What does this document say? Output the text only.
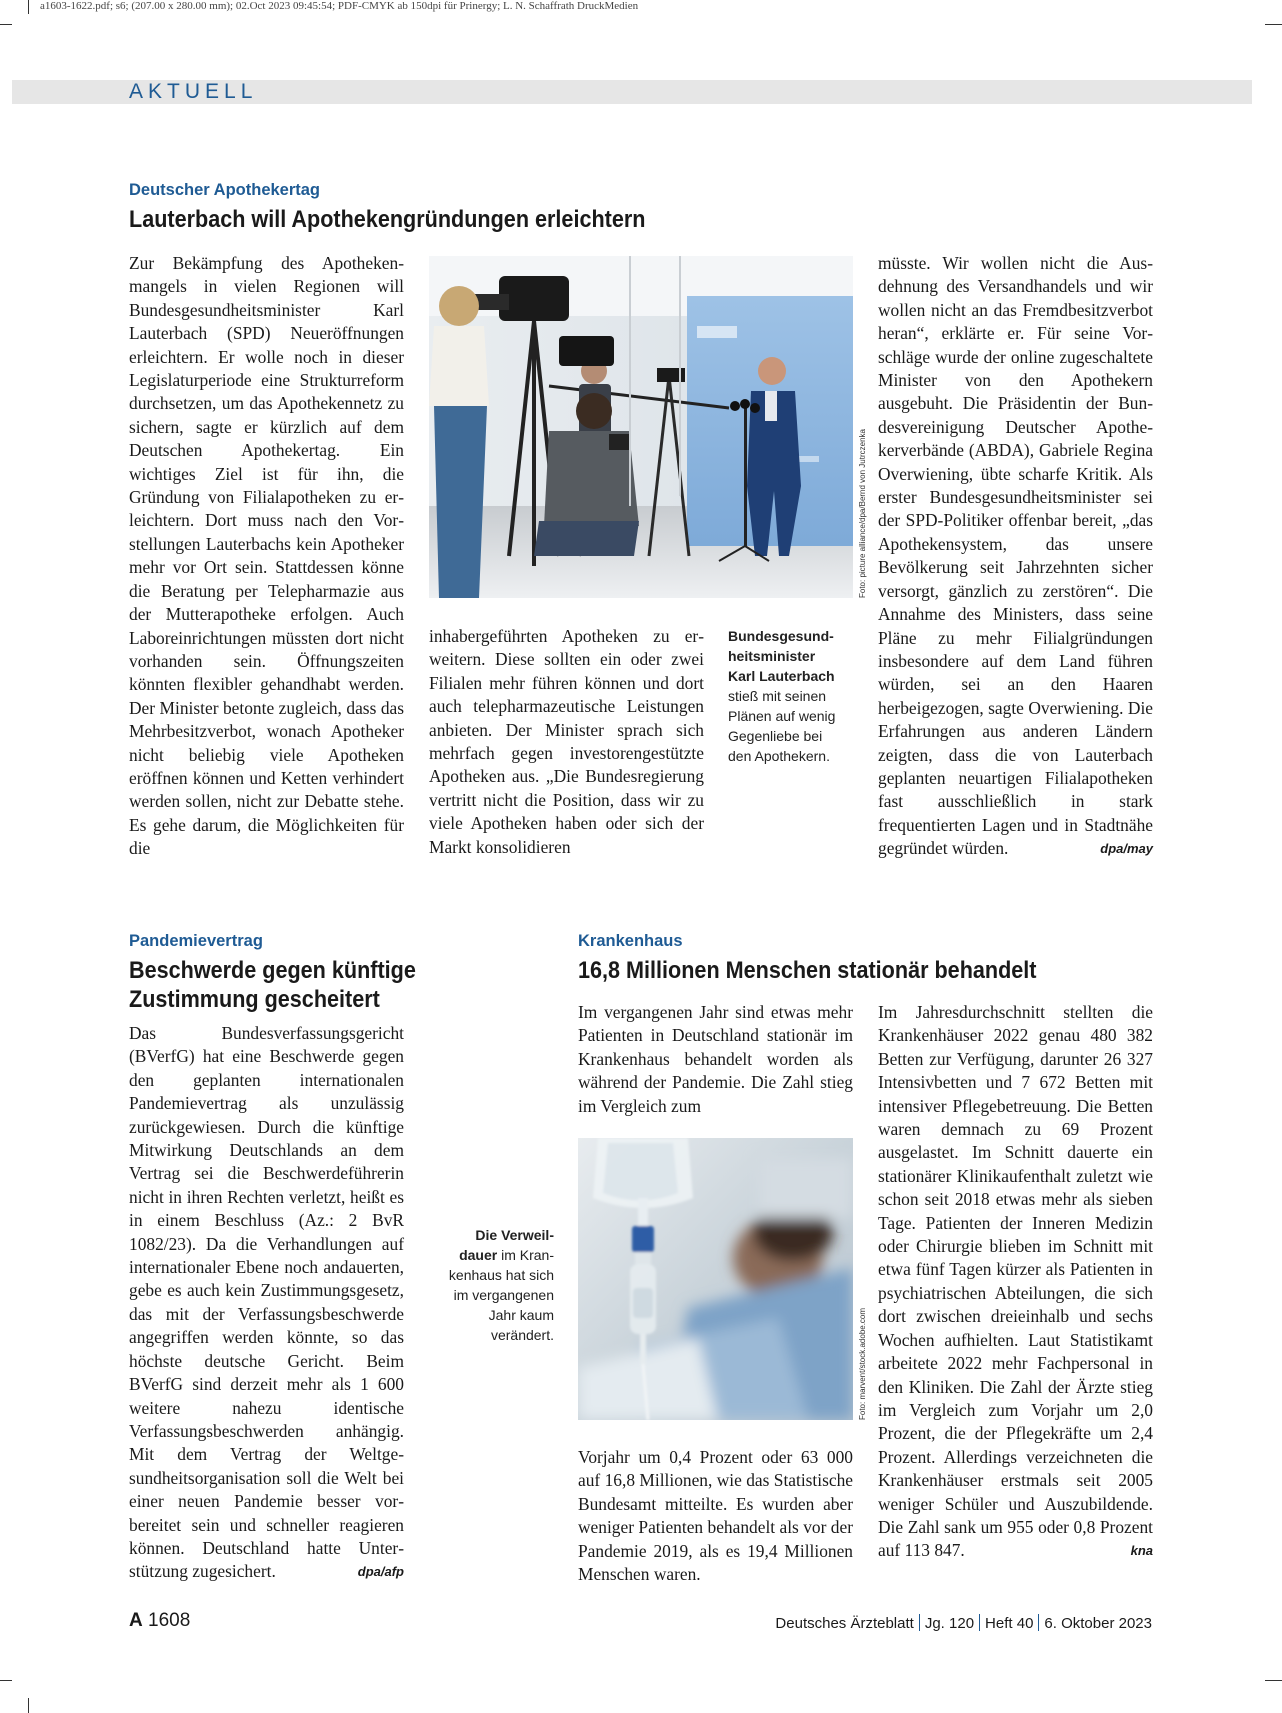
a1603-1622.pdf; s6; (207.00 x 280.00 mm); 02.Oct 2023 09:45:54; PDF-CMYK ab 150dpi für Prinergy; L. N. Schaffrath DruckMedien
AKTUELL
Deutscher Apothekertag
Lauterbach will Apothekengründungen erleichtern

Zur Bekämpfung des Apothekenmangels in vielen Regionen will Bundesgesundheitsminister Karl Lauterbach (SPD) Neueröffnungen erleichtern. Er wolle noch in dieser Legislaturperiode eine Strukturreform durchsetzen, um das Apothekennetz zu sichern, sagte er kürzlich auf dem Deutschen Apothekertag. Ein wichtiges Ziel ist für ihn, die Gründung von Filialapotheken zu erleichtern. Dort muss nach den Vorstellungen Lauterbachs kein Apotheker mehr vor Ort sein. Stattdessen könne die Beratung per Telepharmazie aus der Mutterapotheke erfolgen. Auch Laboreinrichtungen müssten dort nicht vorhanden sein. Öffnungszeiten könnten flexibler gehandhabt werden. Der Minister betonte zugleich, dass das Mehrbesitzverbot, wonach Apotheker nicht beliebig viele Apotheken eröffnen können und Ketten verhindert werden sollen, nicht zur Debatte stehe. Es gehe darum, die Möglichkeiten für die

Foto: picture alliance/dpa/Bernd von Jutrczenka

inhabergeführten Apotheken zu erweitern. Diese sollten ein oder zwei Filialen mehr führen können und dort auch telepharmazeutische Leistungen anbieten. Der Minister sprach sich mehrfach gegen investorengestützte Apotheken aus. „Die Bundesregierung vertritt nicht die Position, dass wir zu viele Apotheken haben oder sich der Markt konsolidieren

Bundesgesundheitsminister Karl Lauterbach stieß mit seinen Plänen auf wenig Gegenliebe bei den Apothekern.

müsste. Wir wollen nicht die Ausdehnung des Versandhandels und wir wollen nicht an das Fremdbesitzverbot heran“, erklärte er. Für seine Vorschläge wurde der online zugeschaltete Minister von den Apothekern ausgebuht. Die Präsidentin der Bundesvereinigung Deutscher Apothekerverbände (ABDA), Gabriele Regina Overwiening, übte scharfe Kritik. Als erster Bundesgesundheitsminister sei der SPD-Politiker offenbar bereit, „das Apothekensystem, das unsere Bevölkerung seit Jahrzehnten sicher versorgt, gänzlich zu zerstören“. Die Annahme des Ministers, dass seine Pläne zu mehr Filialgründungen insbesondere auf dem Land führen würden, sei an den Haaren herbeigezogen, sagte Overwiening. Die Erfahrungen aus anderen Ländern zeigten, dass die von Lauterbach geplanten neuartigen Filialapotheken fast ausschließlich in stark frequentierten Lagen und in Stadtnähe gegründet würden.	dpa/may

Pandemievertrag
Beschwerde gegen künftige
Zustimmung gescheitert

Das Bundesverfassungsgericht (BVerfG) hat eine Beschwerde gegen den geplanten internationalen Pandemievertrag als unzulässig zurückgewiesen. Durch die künftige Mitwirkung Deutschlands an dem Vertrag sei die Beschwerdeführerin nicht in ihren Rechten verletzt, heißt es in einem Beschluss (Az.: 2 BvR 1082/23). Da die Verhandlungen auf internationaler Ebene noch andauerten, gebe es auch kein Zustimmungsgesetz, das mit der Verfassungsbeschwerde angegriffen werden könnte, so das höchste deutsche Gericht. Beim BVerfG sind derzeit mehr als 1 600 weitere nahezu identische Verfassungsbeschwerden anhängig. Mit dem Vertrag der Weltgesundheitsorganisation soll die Welt bei einer neuen Pandemie besser vorbereitet sein und schneller reagieren können. Deutschland hatte Unterstützung zugesichert.	dpa/afp

Krankenhaus
16,8 Millionen Menschen stationär behandelt

Im vergangenen Jahr sind etwas mehr Patienten in Deutschland stationär im Krankenhaus behandelt worden als während der Pandemie. Die Zahl stieg im Vergleich zum

Die Verweildauer im Krankenhaus hat sich im vergangenen Jahr kaum verändert.	Foto: marvent/stock.adobe.com

Vorjahr um 0,4 Prozent oder 63 000 auf 16,8 Millionen, wie das Statistische Bundesamt mitteilte. Es wurden aber weniger Patienten behandelt als vor der Pandemie 2019, als es 19,4 Millionen Menschen waren.

Im Jahresdurchschnitt stellten die Krankenhäuser 2022 genau 480 382 Betten zur Verfügung, darunter 26 327 Intensivbetten und 7 672 Betten mit intensiver Pflegebetreuung. Die Betten waren demnach zu 69 Prozent ausgelastet. Im Schnitt dauerte ein stationärer Klinikaufenthalt zuletzt wie schon seit 2018 etwas mehr als sieben Tage. Patienten der Inneren Medizin oder Chirurgie blieben im Schnitt mit etwa fünf Tagen kürzer als Patienten in psychiatrischen Abteilungen, die sich dort zwischen dreieinhalb und sechs Wochen aufhielten. Laut Statistikamt arbeitete 2022 mehr Fachpersonal in den Kliniken. Die Zahl der Ärzte stieg im Vergleich zum Vorjahr um 2,0 Prozent, die der Pflegekräfte um 2,4 Prozent. Allerdings verzeichneten die Krankenhäuser erstmals seit 2005 weniger Schüler und Auszubildende. Die Zahl sank um 955 oder 0,8 Prozent auf 113 847.	kna

A 1608	Deutsches Ärzteblatt Jg. 120 Heft 40 6. Oktober 2023
